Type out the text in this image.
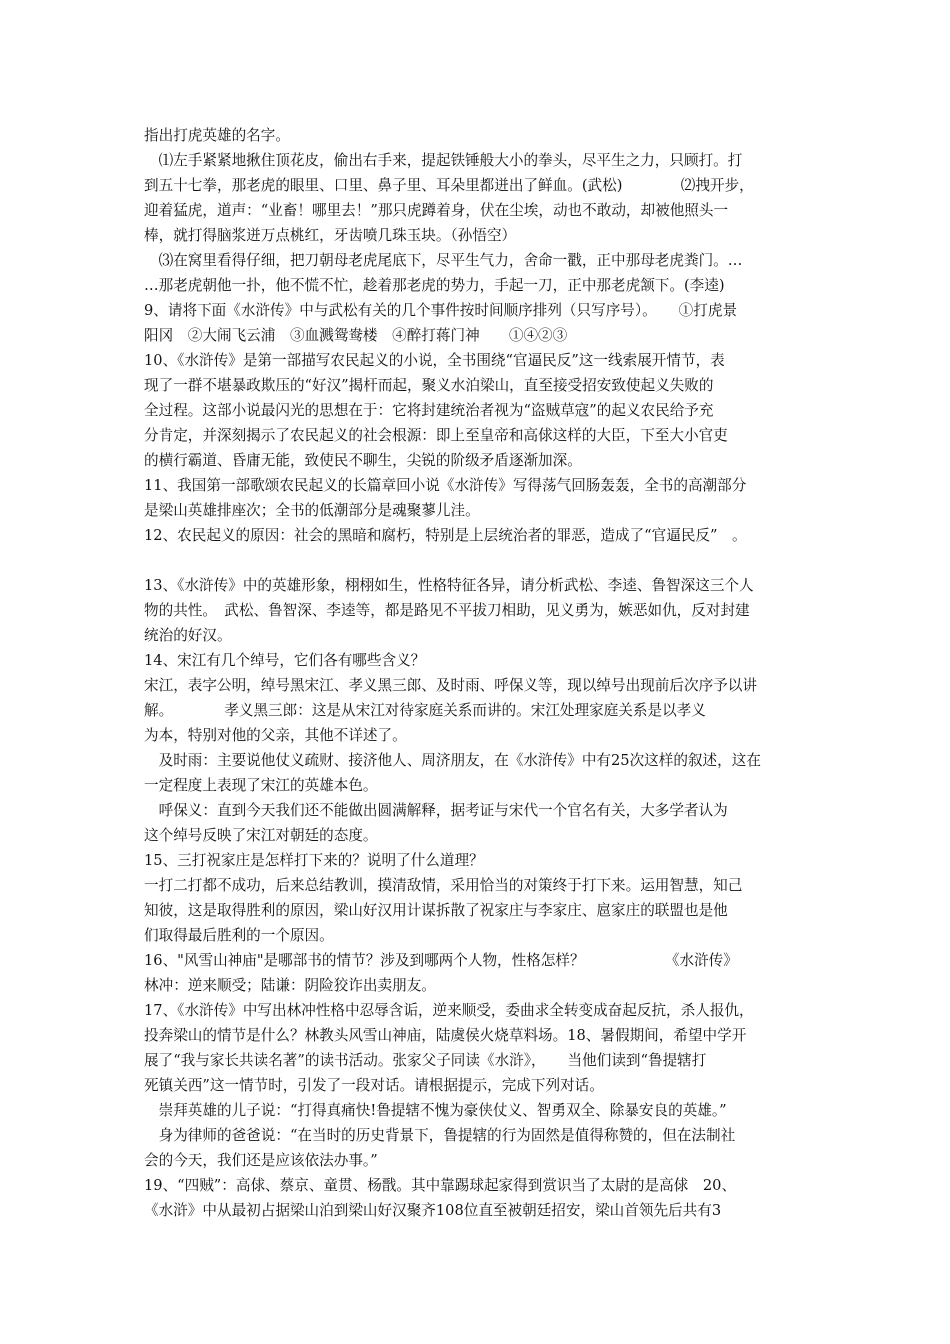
指出打虎英雄的名字。
　⑴左手紧紧地揪住顶花皮，偷出右手来，提起铁锤般大小的拳头，尽平生之力，只顾打。打
到五十七拳，那老虎的眼里、口里、鼻子里、耳朵里都迸出了鲜血。(武松)　　　　⑵拽开步，
迎着猛虎，道声：“业畜！哪里去！”那只虎蹲着身，伏在尘埃，动也不敢动，却被他照头一
棒，就打得脑浆迸万点桃红，牙齿喷几珠玉块。（孙悟空）
　⑶在窝里看得仔细，把刀朝母老虎尾底下，尽平生气力，舍命一戳，正中那母老虎粪门。…
…那老虎朝他一扑，他不慌不忙，趁着那老虎的势力，手起一刀，正中那老虎颔下。(李逵)
9、请将下面《水浒传》中与武松有关的几个事件按时间顺序排列（只写序号）。　　①打虎景
阳冈　②大闹飞云浦　③血溅鸳鸯楼　④醉打蒋门神　　①④②③
10、《水浒传》是第一部描写农民起义的小说，全书围绕“官逼民反”这一线索展开情节，表
现了一群不堪暴政欺压的“好汉”揭杆而起，聚义水泊梁山，直至接受招安致使起义失败的
全过程。这部小说最闪光的思想在于：它将封建统治者视为“盗贼草寇”的起义农民给予充
分肯定，并深刻揭示了农民起义的社会根源：即上至皇帝和高俅这样的大臣，下至大小官吏
的横行霸道、昏庸无能，致使民不聊生，尖锐的阶级矛盾逐渐加深。
11、我国第一部歌颂农民起义的长篇章回小说《水浒传》写得荡气回肠轰轰，全书的高潮部分
是梁山英雄排座次；全书的低潮部分是魂聚蓼儿洼。
12、农民起义的原因：社会的黑暗和腐朽，特别是上层统治者的罪恶，造成了“官逼民反”　。
13、《水浒传》中的英雄形象，栩栩如生，性格特征各异，请分析武松、李逵、鲁智深这三个人
物的共性。　武松、鲁智深、李逵等，都是路见不平拔刀相助，见义勇为，嫉恶如仇，反对封建
统治的好汉。
14、宋江有几个绰号，它们各有哪些含义？
宋江，表字公明，绰号黑宋江、孝义黑三郎、及时雨、呼保义等，现以绰号出现前后次序予以讲
解。　　　　孝义黑三郎：这是从宋江对待家庭关系而讲的。宋江处理家庭关系是以孝义
为本，特别对他的父亲，其他不详述了。
　及时雨：主要说他仗义疏财、接济他人、周济朋友，在《水浒传》中有25次这样的叙述，这在
一定程度上表现了宋江的英雄本色。
　呼保义：直到今天我们还不能做出圆满解释，据考证与宋代一个官名有关，大多学者认为
这个绰号反映了宋江对朝廷的态度。
15、三打祝家庄是怎样打下来的？说明了什么道理？
一打二打都不成功，后来总结教训，摸清敌情，采用恰当的对策终于打下来。运用智慧，知己
知彼，这是取得胜利的原因，梁山好汉用计谋拆散了祝家庄与李家庄、扈家庄的联盟也是他
们取得最后胜利的一个原因。
16、"风雪山神庙"是哪部书的情节？涉及到哪两个人物，性格怎样？　　　　　　《水浒传》
林冲：逆来顺受；陆谦：阴险狡诈出卖朋友。
17、《水浒传》中写出林冲性格中忍辱含诟，逆来顺受，委曲求全转变成奋起反抗，杀人报仇，
投奔梁山的情节是什么？林教头风雪山神庙，陆虞侯火烧草料场。18、暑假期间，希望中学开
展了“我与家长共读名著”的读书活动。张家父子同读《水浒》，　　当他们读到“鲁提辖打
死镇关西”这一情节时，引发了一段对话。请根据提示，完成下列对话。
　崇拜英雄的儿子说：“打得真痛快!鲁提辖不愧为豪侠仗义、智勇双全、除暴安良的英雄。”
　身为律师的爸爸说：“在当时的历史背景下，鲁提辖的行为固然是值得称赞的，但在法制社
会的今天，我们还是应该依法办事。”
19、“四贼”：高俅、蔡京、童贯、杨戬。其中靠踢球起家得到赏识当了太尉的是高俅　20、
《水浒》中从最初占据梁山泊到梁山好汉聚齐108位直至被朝廷招安，梁山首领先后共有3
